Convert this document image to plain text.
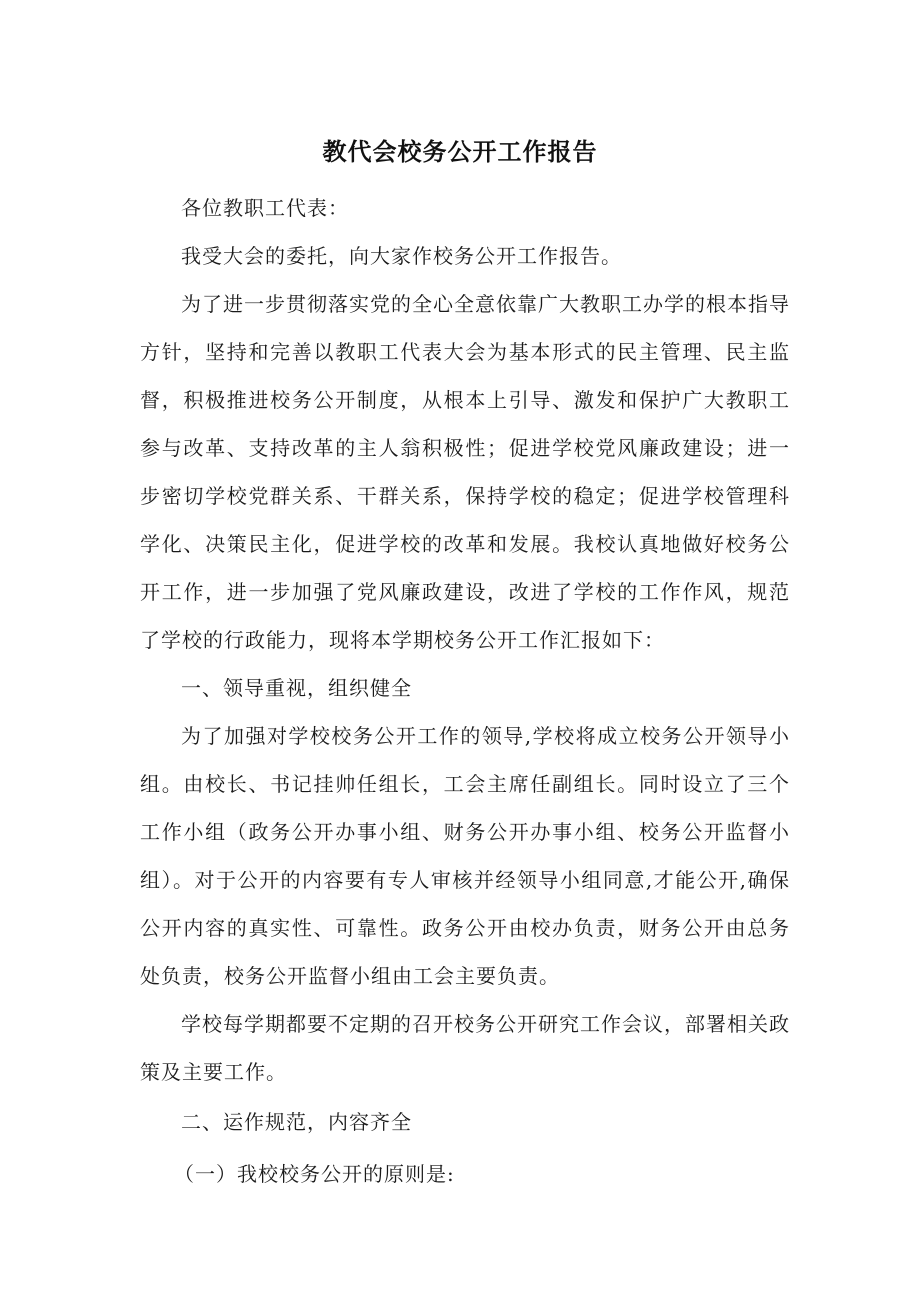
教代会校务公开工作报告

各位教职工代表：

我受大会的委托，向大家作校务公开工作报告。

为了进一步贯彻落实党的全心全意依靠广大教职工办学的根本指导方针，坚持和完善以教职工代表大会为基本形式的民主管理、民主监督，积极推进校务公开制度，从根本上引导、激发和保护广大教职工参与改革、支持改革的主人翁积极性；促进学校党风廉政建设；进一步密切学校党群关系、干群关系，保持学校的稳定；促进学校管理科学化、决策民主化，促进学校的改革和发展。我校认真地做好校务公开工作，进一步加强了党风廉政建设，改进了学校的工作作风，规范了学校的行政能力，现将本学期校务公开工作汇报如下：

一、领导重视，组织健全

为了加强对学校校务公开工作的领导,学校将成立校务公开领导小组。由校长、书记挂帅任组长，工会主席任副组长。同时设立了三个工作小组（政务公开办事小组、财务公开办事小组、校务公开监督小组）。对于公开的内容要有专人审核并经领导小组同意,才能公开,确保公开内容的真实性、可靠性。政务公开由校办负责，财务公开由总务处负责，校务公开监督小组由工会主要负责。

学校每学期都要不定期的召开校务公开研究工作会议，部署相关政策及主要工作。

二、运作规范，内容齐全

（一）我校校务公开的原则是:
